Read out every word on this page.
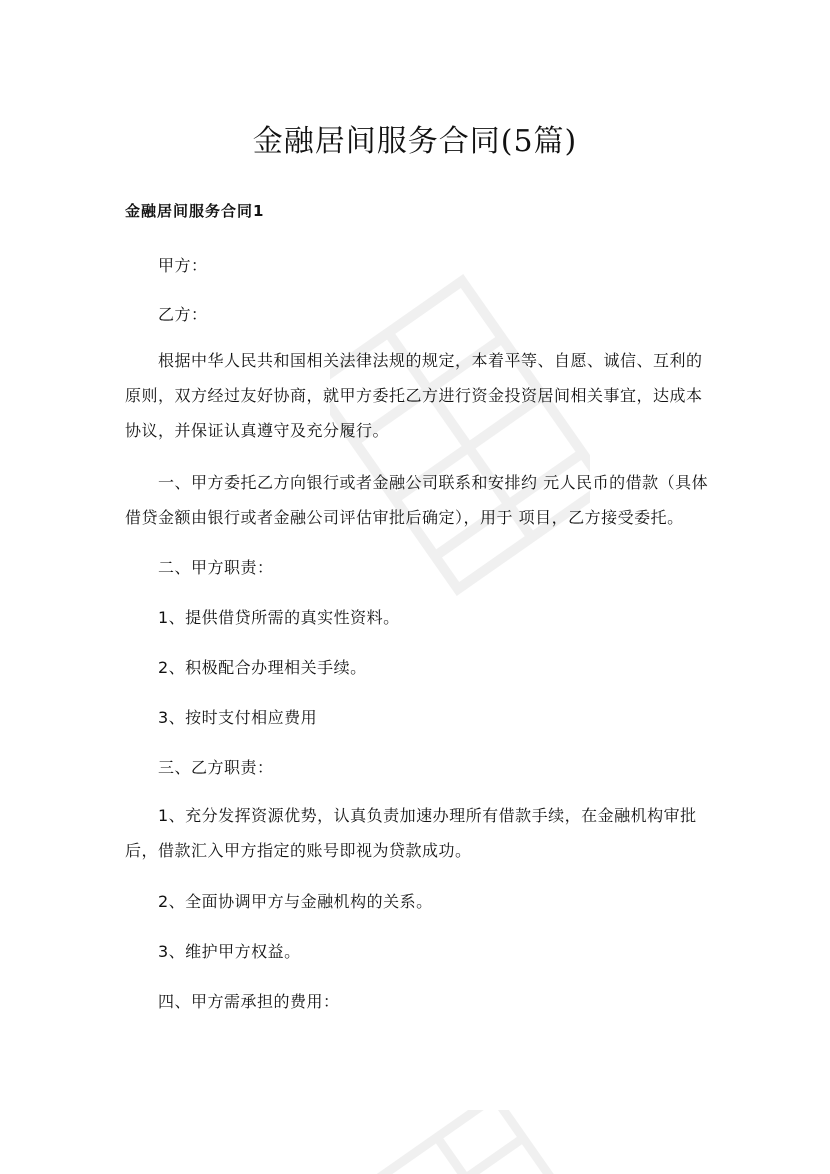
金融居间服务合同(5篇)
金融居间服务合同1

甲方：

乙方：

根据中华人民共和国相关法律法规的规定，本着平等、自愿、诚信、互利的原则，双方经过友好协商，就甲方委托乙方进行资金投资居间相关事宜，达成本协议，并保证认真遵守及充分履行。

一、甲方委托乙方向银行或者金融公司联系和安排约 元人民币的借款（具体借贷金额由银行或者金融公司评估审批后确定），用于 项目，乙方接受委托。

二、甲方职责：

1、提供借贷所需的真实性资料。

2、积极配合办理相关手续。

3、按时支付相应费用

三、乙方职责：

1、充分发挥资源优势，认真负责加速办理所有借款手续，在金融机构审批后，借款汇入甲方指定的账号即视为贷款成功。

2、全面协调甲方与金融机构的关系。

3、维护甲方权益。

四、甲方需承担的费用：
